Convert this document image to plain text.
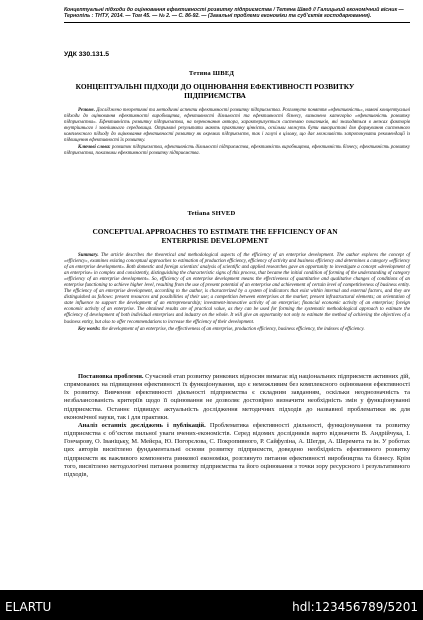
Концептуальні підходи до оцінювання ефективності розвитку підприємства / Тетяна Швед // Галицький економічний вісник — Тернопіль : ТНТУ, 2014. — Том 45. — № 2. — С. 86-92. — (Загальні проблеми економіки та суб’єктів господарювання).
УДК 330.131.5
Тетяна ШВЕД
КОНЦЕПТУАЛЬНІ ПІДХОДИ ДО ОЦІНЮВАННЯ ЕФЕКТИВНОСТІ РОЗВИТКУ ПІДПРИЄМСТВА
Резюме. Досліджено теоретичні та методичні аспекти ефективності розвитку підприємства. Розглянуто поняття «ефективність», наявні концептуальні підходи до оцінювання ефективності виробництва, ефективності діяльності та ефективності бізнесу, визначено категорію «ефективність розвитку підприємства». Ефективність розвитку підприємства, на переконання автора, характеризується системою показників, які знаходяться в межах факторів внутрішнього і зовнішнього середовища. Отримані результати мають практичну цінність, оскільки можуть бути використані для формування системного комплексного підходу до оцінювання ефективності розвитку як окремих підприємств, так і галузі в цілому, що дає можливість запропонувати рекомендації із підвищення ефективності їх розвитку.
Ключові слова: розвиток підприємства, ефективність діяльності підприємства, ефективність виробництва, ефективність бізнесу, ефективність розвитку підприємства, показники ефективності розвитку підприємства.
Tetiana SHVED
CONCEPTUAL APPROACHES TO ESTIMATE THE EFFICIENCY OF AN ENTERPRISE DEVELOPMENT
Summary. The article describes the theoretical and methodological aspects of the efficiency of an enterprise development. The author explores the concept of «efficiency», examines existing conceptual approaches to estimation of production efficiency, efficiency of activity and business efficiency and determines a category «efficiency of an enterprise development». Both domestic and foreign scientists' analysis of scientific and applied researches gave an opportunity to investigate a concept «development of an enterprise» in complex and consistently, distinguishing the characteristic signs of this process, that became the initial condition of forming of the understanding of category «efficiency of an enterprise development». So, efficiency of an enterprise development means the effectiveness of quantitative and qualitative changes of conditions of an enterprise functioning to achieve higher level, resulting from the use of present potential of an enterprise and achievement of certain level of competitiveness of business entity. The efficiency of an enterprise development, according to the author, is characterized by a system of indicators that exist within internal and external factors, and they are distinguished as follows: present resources and possibilities of their use; a competition between enterprises at the market; present infrastructural elements; an orientation of state influence to support the development of an entrepreneurship; investment-innovative activity of an enterprise; financial economic activity of an enterprise; foreign economic activity of an enterprise. The obtained results are of practical value, as they can be used for forming the systematic methodological approach to estimate the efficiency of development of both individual enterprises and industry on the whole. It will give an opportunity not only to estimate the method of achieving the objectives of a business entity, but also to offer recommendations to increase the efficiency of their development.
Key words: the development of an enterprise, the effectiveness of an enterprise, production efficiency, business efficiency, the indexes of efficiency.

Постановка проблеми. Сучасний етап розвитку ринкових відносин вимагає від національних підприємств активних дій, спрямованих на підвищення ефективності їх функціонування, що є неможливим без комплексного оцінювання ефективності їх розвитку. Вивчення ефективності діяльності підприємства є складним завданням, оскільки неоднозначність та незбалансованість критеріїв щодо її оцінювання не дозволяє достовірно визначити необхідність змін у функціонуванні підприємства. Останнє підвищує актуальність дослідження методичних підходів до назвавної проблематики як для економічної науки, так і для практики.

Аналіз останніх досліджень і публікацій. Проблематика ефективності діяльності, функціонування та розвитку підприємства є об’єктом пильної уваги вчених-економістів. Серед відомих дослідників варто відзначити В. Андрійчука, І. Гончарову, О. Іваніцьку, М. Мейєра, Ю. Погорєлова, С. Покропивного, Р. Сайфуліна, А. Шегди, А. Шеремета та ін. У роботах цих авторів висвітлено фундаментальні основи розвитку підприємств, доведено необхідність ефективного розвитку підприємств як важливого компонента ринкової економіки, розглянуто питання ефективності виробництва та бізнесу. Крім того, висвітлено методологічні питання розвитку підприємства та його оцінювання з точки зору ресурсного і результативного підходів,

ELARTU	hdl:123456789/5201
